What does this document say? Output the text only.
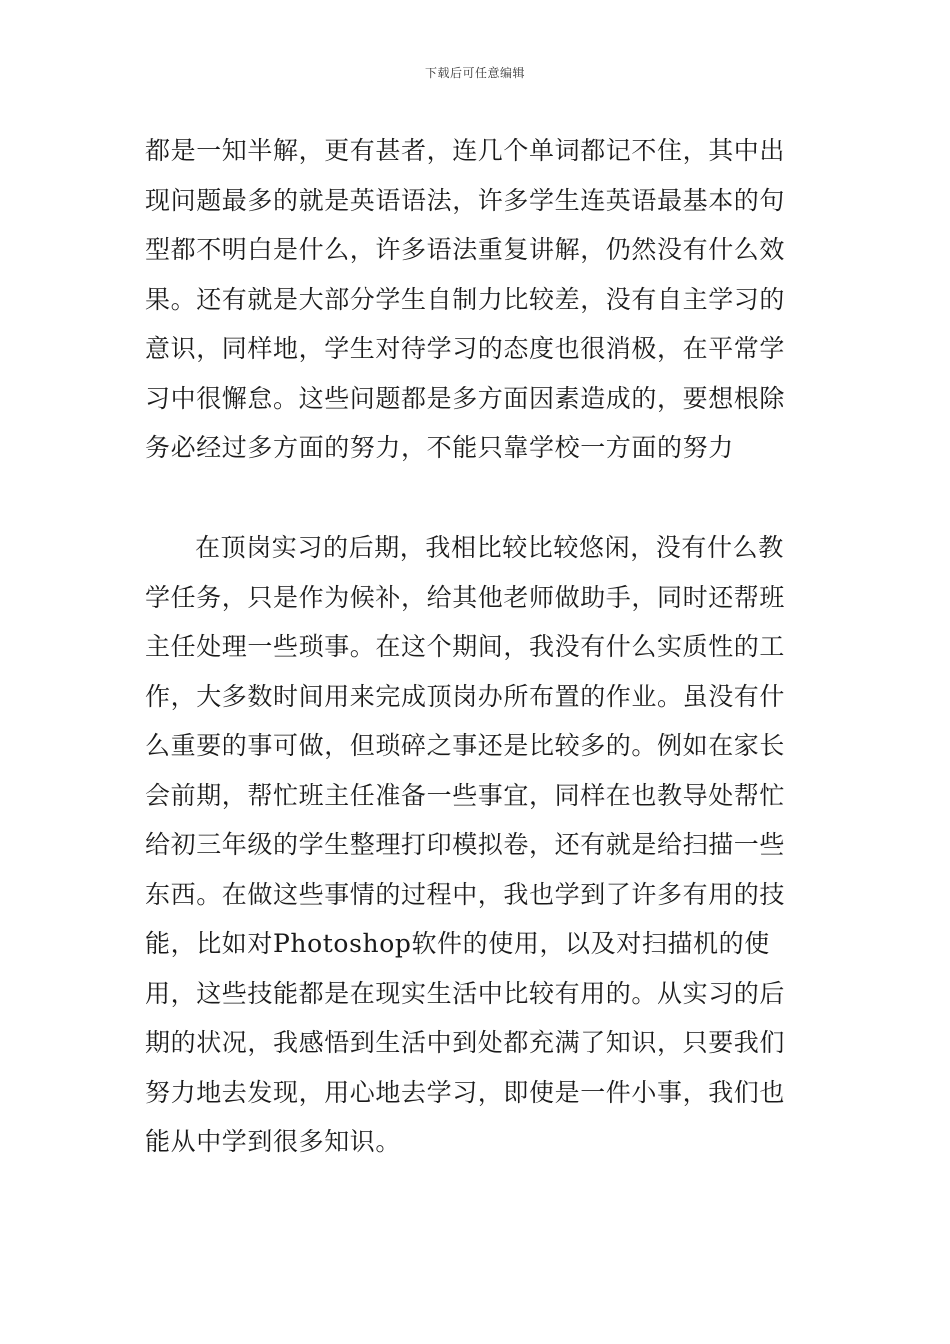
下载后可任意编辑

都是一知半解，更有甚者，连几个单词都记不住，其中出现问题最多的就是英语语法，许多学生连英语最基本的句型都不明白是什么，许多语法重复讲解，仍然没有什么效果。还有就是大部分学生自制力比较差，没有自主学习的意识，同样地，学生对待学习的态度也很消极，在平常学习中很懈怠。这些问题都是多方面因素造成的，要想根除务必经过多方面的努力，不能只靠学校一方面的努力

在顶岗实习的后期，我相比较比较悠闲，没有什么教学任务，只是作为候补，给其他老师做助手，同时还帮班主任处理一些琐事。在这个期间，我没有什么实质性的工作，大多数时间用来完成顶岗办所布置的作业。虽没有什么重要的事可做，但琐碎之事还是比较多的。例如在家长会前期，帮忙班主任准备一些事宜，同样在也教导处帮忙给初三年级的学生整理打印模拟卷，还有就是给扫描一些东西。在做这些事情的过程中，我也学到了许多有用的技能，比如对Photoshop软件的使用，以及对扫描机的使用，这些技能都是在现实生活中比较有用的。从实习的后期的状况，我感悟到生活中到处都充满了知识，只要我们努力地去发现，用心地去学习，即使是一件小事，我们也能从中学到很多知识。
